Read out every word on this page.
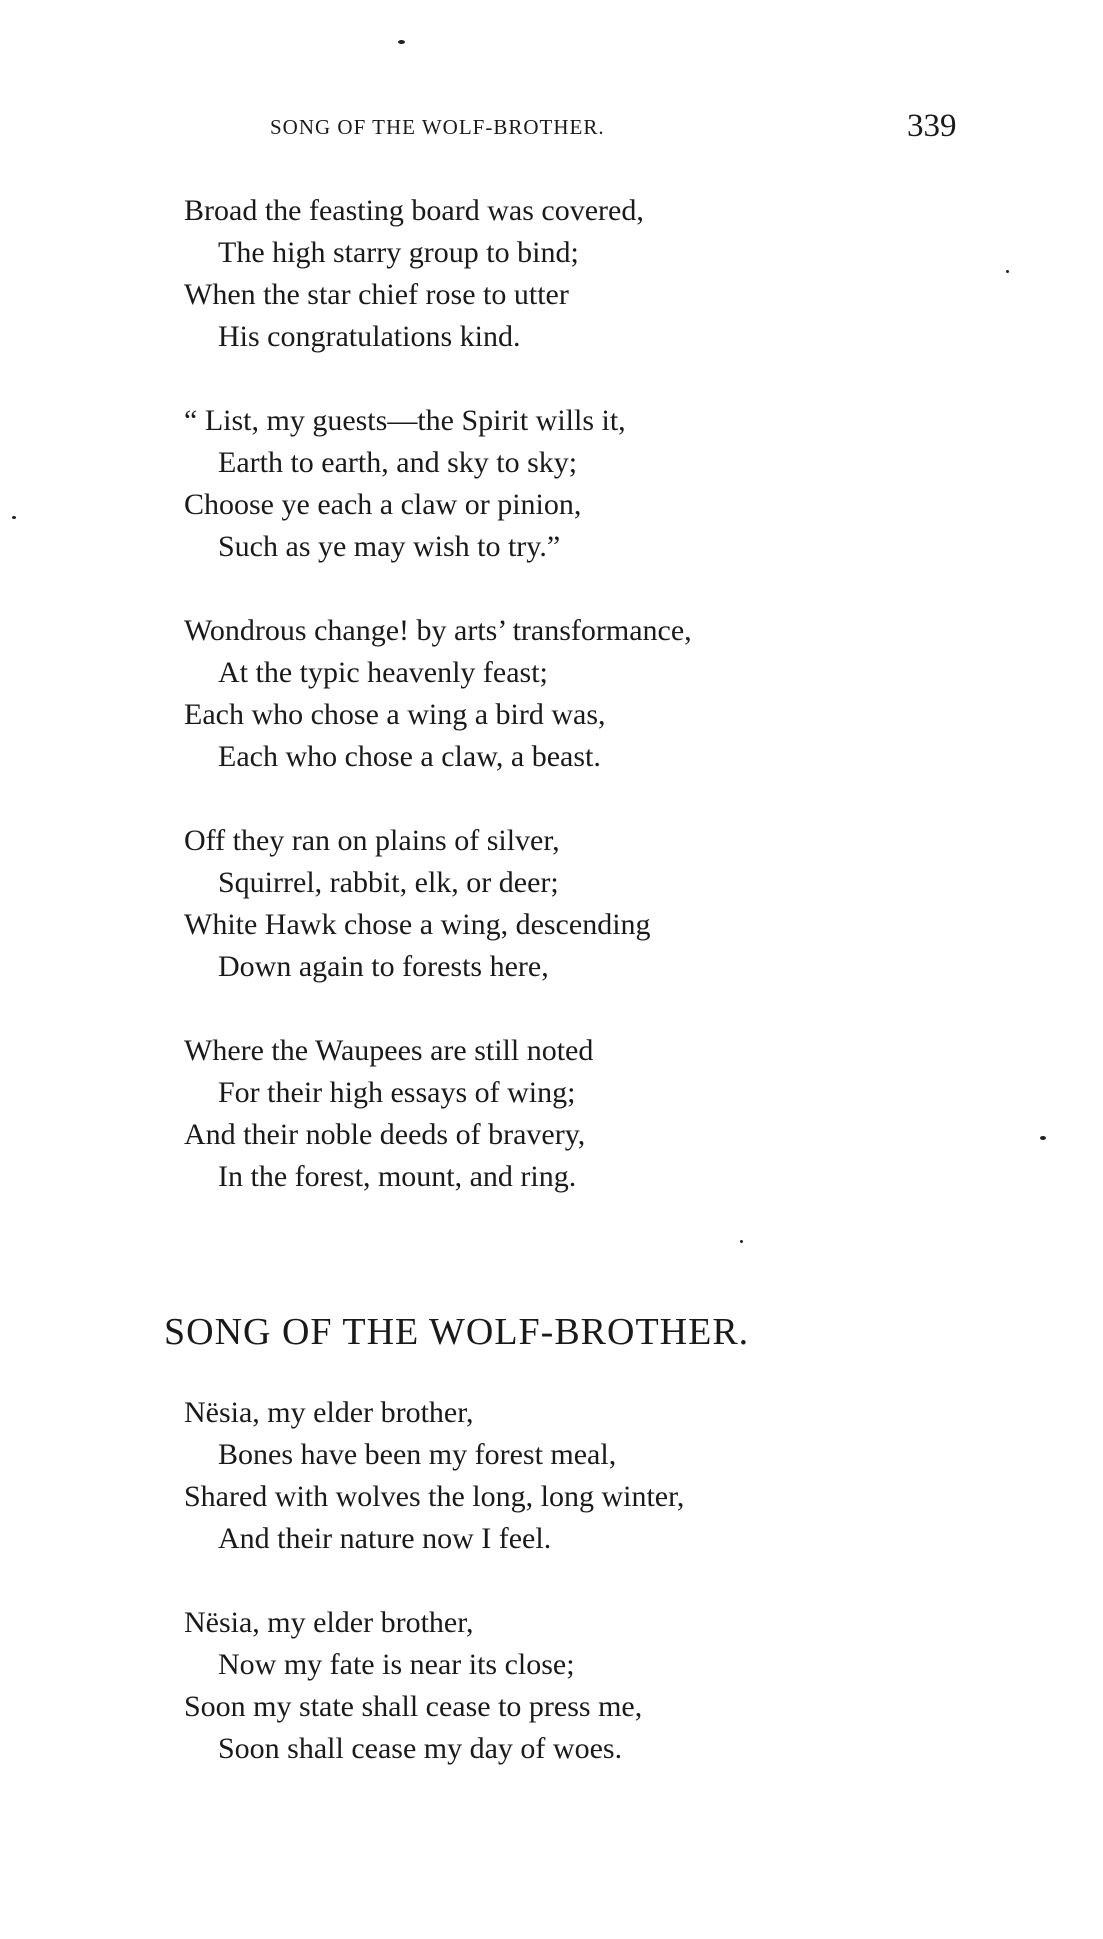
SONG OF THE WOLF-BROTHER.	339
Broad the feasting board was covered,
The high starry group to bind;
When the star chief rose to utter
His congratulations kind.
“ List, my guests—the Spirit wills it,
Earth to earth, and sky to sky;
Choose ye each a claw or pinion,
Such as ye may wish to try.”
Wondrous change! by arts’ transformance,
At the typic heavenly feast;
Each who chose a wing a bird was,
Each who chose a claw, a beast.
Off they ran on plains of silver,
Squirrel, rabbit, elk, or deer;
White Hawk chose a wing, descending
Down again to forests here,
Where the Waupees are still noted
For their high essays of wing;
And their noble deeds of bravery,
In the forest, mount, and ring.
SONG OF THE WOLF-BROTHER.
Nësia, my elder brother,
Bones have been my forest meal,
Shared with wolves the long, long winter,
And their nature now I feel.
Nësia, my elder brother,
Now my fate is near its close;
Soon my state shall cease to press me,
Soon shall cease my day of woes.
